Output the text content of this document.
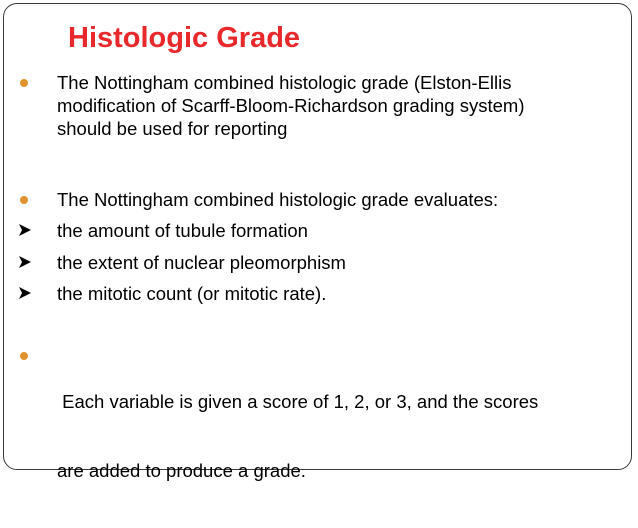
Histologic Grade
The Nottingham combined histologic grade (Elston-Ellis
modification of Scarff-Bloom-Richardson grading system)
should be used for reporting
The Nottingham combined histologic grade evaluates:
the amount of tubule formation
the extent of nuclear pleomorphism
the mitotic count (or mitotic rate).

Each variable is given a score of 1, 2, or 3, and the scores

are added to produce a grade.
